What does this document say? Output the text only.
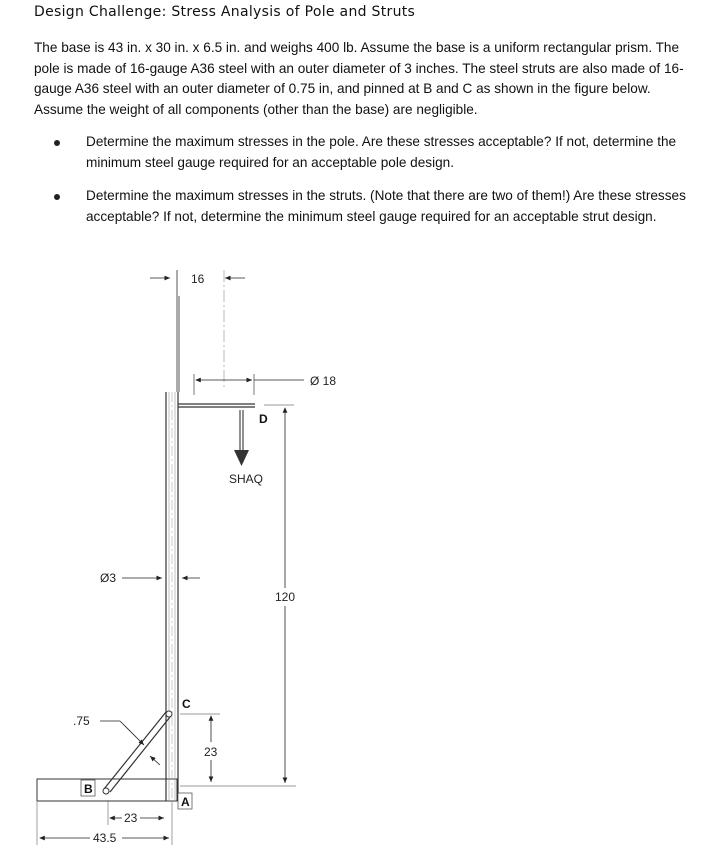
Design Challenge: Stress Analysis of Pole and Struts
The base is 43 in. x 30 in. x 6.5 in. and weighs 400 lb. Assume the base is a uniform rectangular prism. The pole is made of 16-gauge A36 steel with an outer diameter of 3 inches. The steel struts are also made of 16-gauge A36 steel with an outer diameter of 0.75 in, and pinned at B and C as shown in the figure below. Assume the weight of all components (other than the base) are negligible.
Determine the maximum stresses in the pole. Are these stresses acceptable? If not, determine the minimum steel gauge required for an acceptable pole design.
Determine the maximum stresses in the struts. (Note that there are two of them!) Are these stresses acceptable? If not, determine the minimum steel gauge required for an acceptable strut design.
16
Ø 18
D
SHAQ
120
Ø3
C
.75
23
A
B
23
43.5
